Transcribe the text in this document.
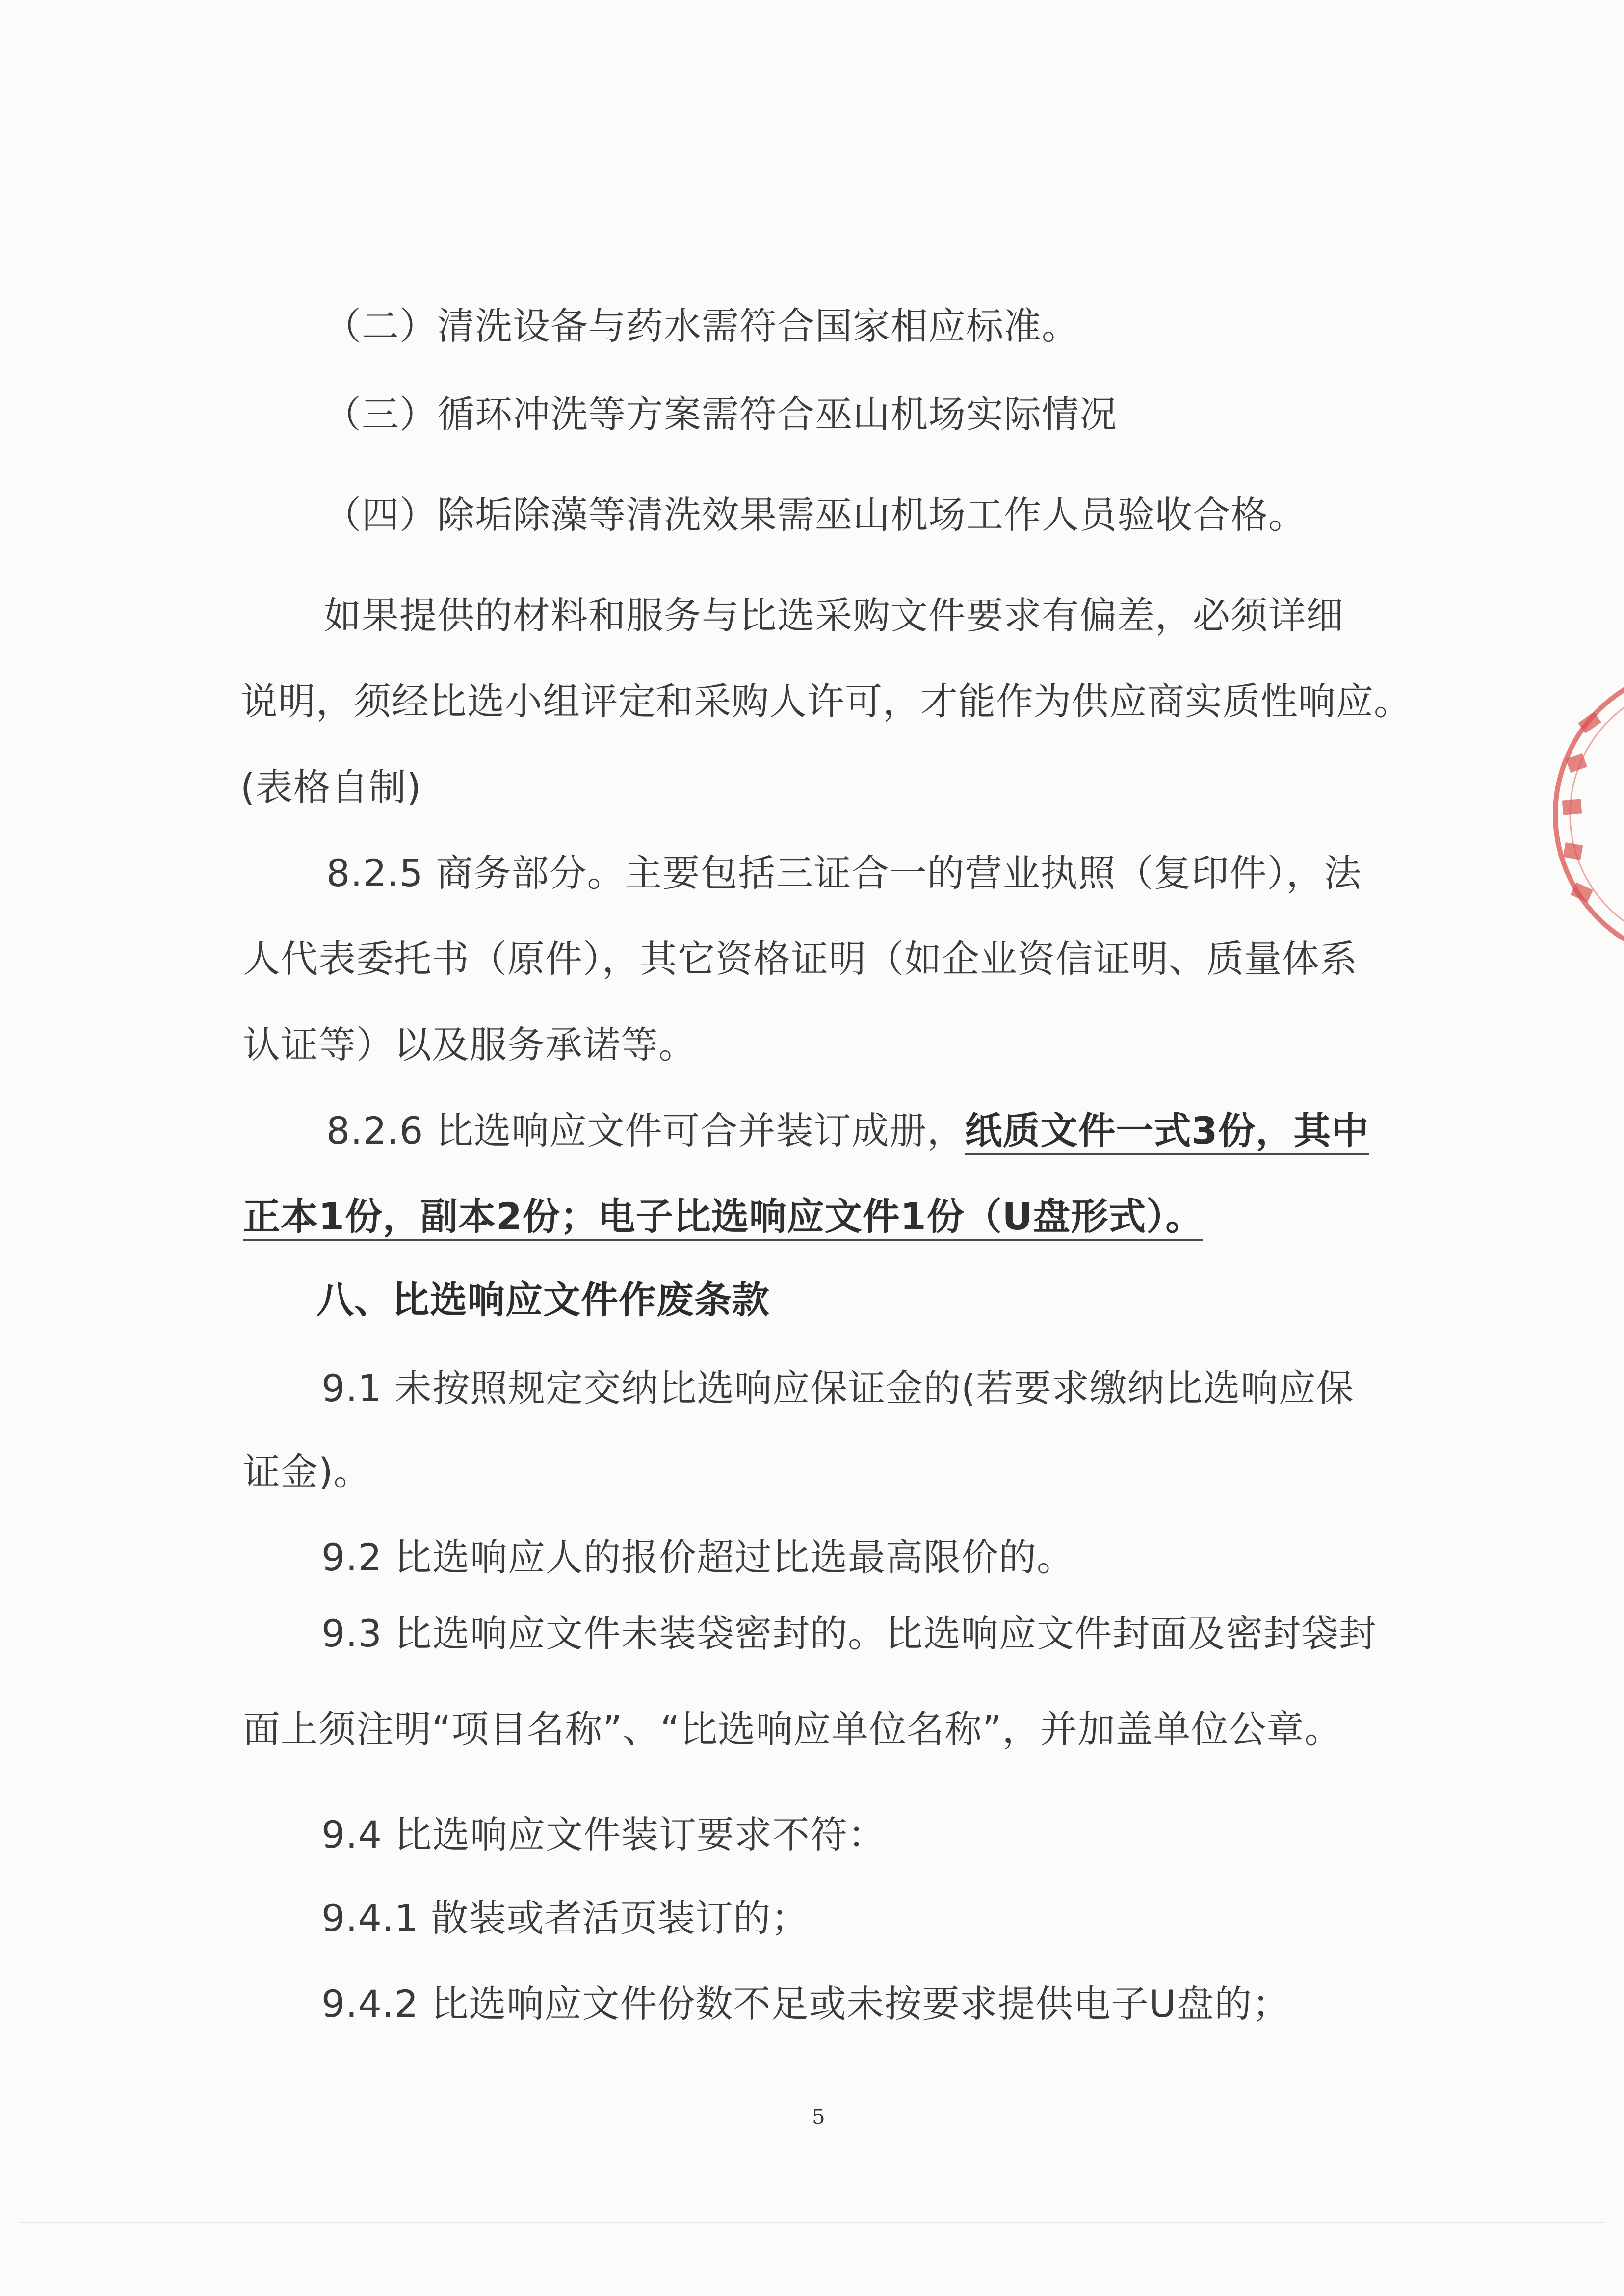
（二）清洗设备与药水需符合国家相应标准。
（三）循环冲洗等方案需符合巫山机场实际情况
（四）除垢除藻等清洗效果需巫山机场工作人员验收合格。
如果提供的材料和服务与比选采购文件要求有偏差，必须详细
说明，须经比选小组评定和采购人许可，才能作为供应商实质性响应。
(表格自制)
8.2.5 商务部分。主要包括三证合一的营业执照（复印件），法
人代表委托书（原件），其它资格证明（如企业资信证明、质量体系
认证等）以及服务承诺等。
8.2.6 比选响应文件可合并装订成册，纸质文件一式3份，其中
正本1份，副本2份；电子比选响应文件1份（U盘形式）。
八、比选响应文件作废条款
9.1 未按照规定交纳比选响应保证金的(若要求缴纳比选响应保
证金)。
9.2 比选响应人的报价超过比选最高限价的。
9.3 比选响应文件未装袋密封的。比选响应文件封面及密封袋封
面上须注明“项目名称”、“比选响应单位名称”，并加盖单位公章。
9.4 比选响应文件装订要求不符：
9.4.1 散装或者活页装订的；
9.4.2 比选响应文件份数不足或未按要求提供电子U盘的；
5
